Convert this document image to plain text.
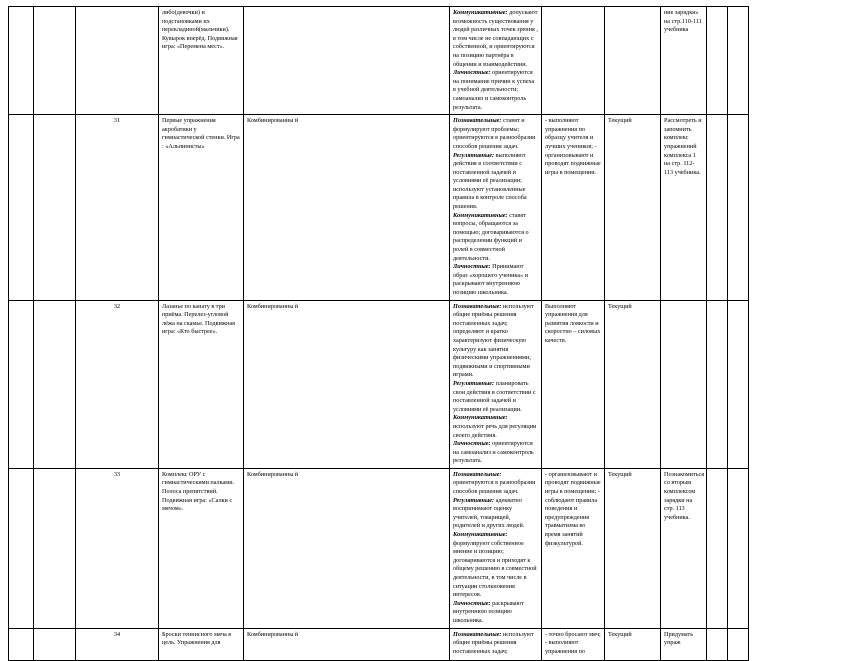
			либо(девочки) и подстановками их перекладиной(мальчики). Кувырок вперёд. Подвижная игра: «Перемена мест».		Коммуникативные: допускают возможность существования у людей различных точек зрения , в том числе не совпадающих с собственной, и ориентируются на позицию партнёра в общении и взаимодействии.

Личностные: ориентируются на понимание причин к успеха в учебной деятельности; самоанализ и самоконтроль результата.			ние зарядки» на стр.110-111 учебника		
		31	Первые упражнения акробатики у гимнастической стенки. Игра : «Альпинисты»	Комбинированны й	Познавательные: ставят и формулируют проблемы; ориентируются в разнообразии способов решения задач.

Регулятивные: выполняют действия в соответствии с поставленной задачей и условиями её реализации; используют установленные правила в контроле способа решения.

Коммуникативные: ставят вопросы, обращаются за помощью; договариваются о распределении функций и ролей в совместной деятельности.

Личностные: Принимают образ «хорошего ученика» и раскрывают внутреннюю позицию школьника.	- выполняют упражнения по образцу учителя и лучших учеников; - организовывают и проводят подвижные игры в помещении.	Текущий	Рассмотреть и запомнить комплекс упражнений комплекса 1 на стр. 112-113 учебника.		
		32	Лазанье по канату в три приёма. Перелез-угловой лёжа на скамье. Подвижная игра: «Кто быстрее».	Комбинированны й	Познавательные: используют общие приёмы решения поставленных задач; определяют и кратко характеризуют физическую культуру как занятия физическими упражнениями, подвижными и спортивными играми.

Регулятивные: планировать свои действия в соответствии с поставленной задачей и условиями её реализации.

Коммуникативные: используют речь для регуляции своего действия.

Личностные: ориентируются на самоанализ и самоконтроль результата.	Выполняют упражнения для развития ловкости и скоростно – силовых качеств.	Текущий			
		33	Комплекс ОРУ с гимнастическими палками. Полоса препятствий. Подвижная игра: «Салки с мячом».	Комбинированны й	Познавательные: ориентируются в разнообразии способов решения задач.

Регулятивные: адекватно воспринимают оценку учителей, товарищей, родителей и других людей.

Коммуникативные: формулируют собственное мнение и позицию; договариваются и приходят к общему решению в совместной деятельности, в том числе в ситуации столкновения интересов.

Личностные: раскрывают внутреннюю позицию школьника.	- организовывают и проводят подвижные игры в помещении; - соблюдают правила поведения и предупреждения травматизма во время занятий физкультурой.	Текущий	Познакомиться со вторым комплексом зарядки на стр. 113 учебника.		
		34	Броски теннисного мяча в цель. Упражнения для	Комбинированны й	Познавательные: используют общие приёмы решения поставленных задач;	- точно бросают мяч; - выполняют упражнения по	Текущий	Придумать упраж		
